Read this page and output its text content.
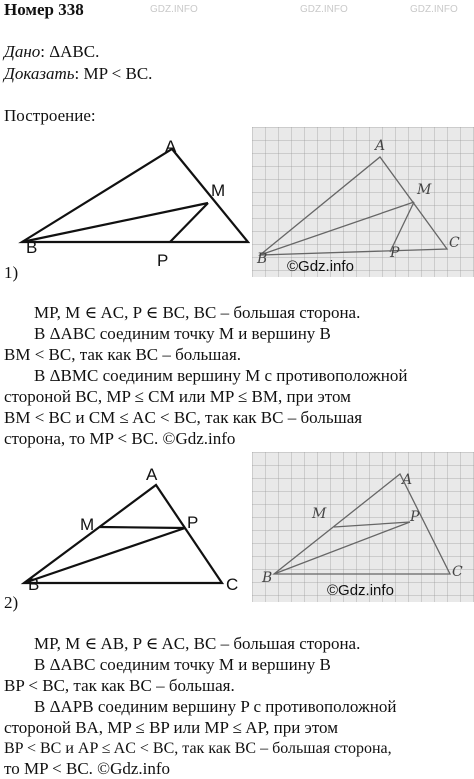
GDZ.INFO	GDZ.INFO	GDZ.INFO
Номер 338
Дано: ΔABC.
Доказать: MP < BC.
Построение:
A
M
B
P
A
M
B	P
C
©Gdz.info
1)
MP, M ∈ AC, P ∈ BC, BC – большая сторона.
В ΔABC соединим точку M и вершину B
BM < BC, так как BC – большая.
В ΔBMC соединим вершину M с противоположной
стороной BC, MP ≤ CM или MP ≤ BM, при этом
BM < BC и CM ≤ AC < BC, так как BC – большая
сторона, то MP < BC. ©Gdz.info
A
M	P
B	C
A
M	P
B	C
©Gdz.info
2)
MP, M ∈ AB, P ∈ AC, BC – большая сторона.
В ΔABC соединим точку M и вершину B
BP < BC, так как BC – большая.
В ΔAPB соединим вершину P с противоположной
стороной BA, MP ≤ BP или MP ≤ AP, при этом
BP < BC и AP ≤ AC < BC, так как BC – большая сторона,
то MP < BC. ©Gdz.info
